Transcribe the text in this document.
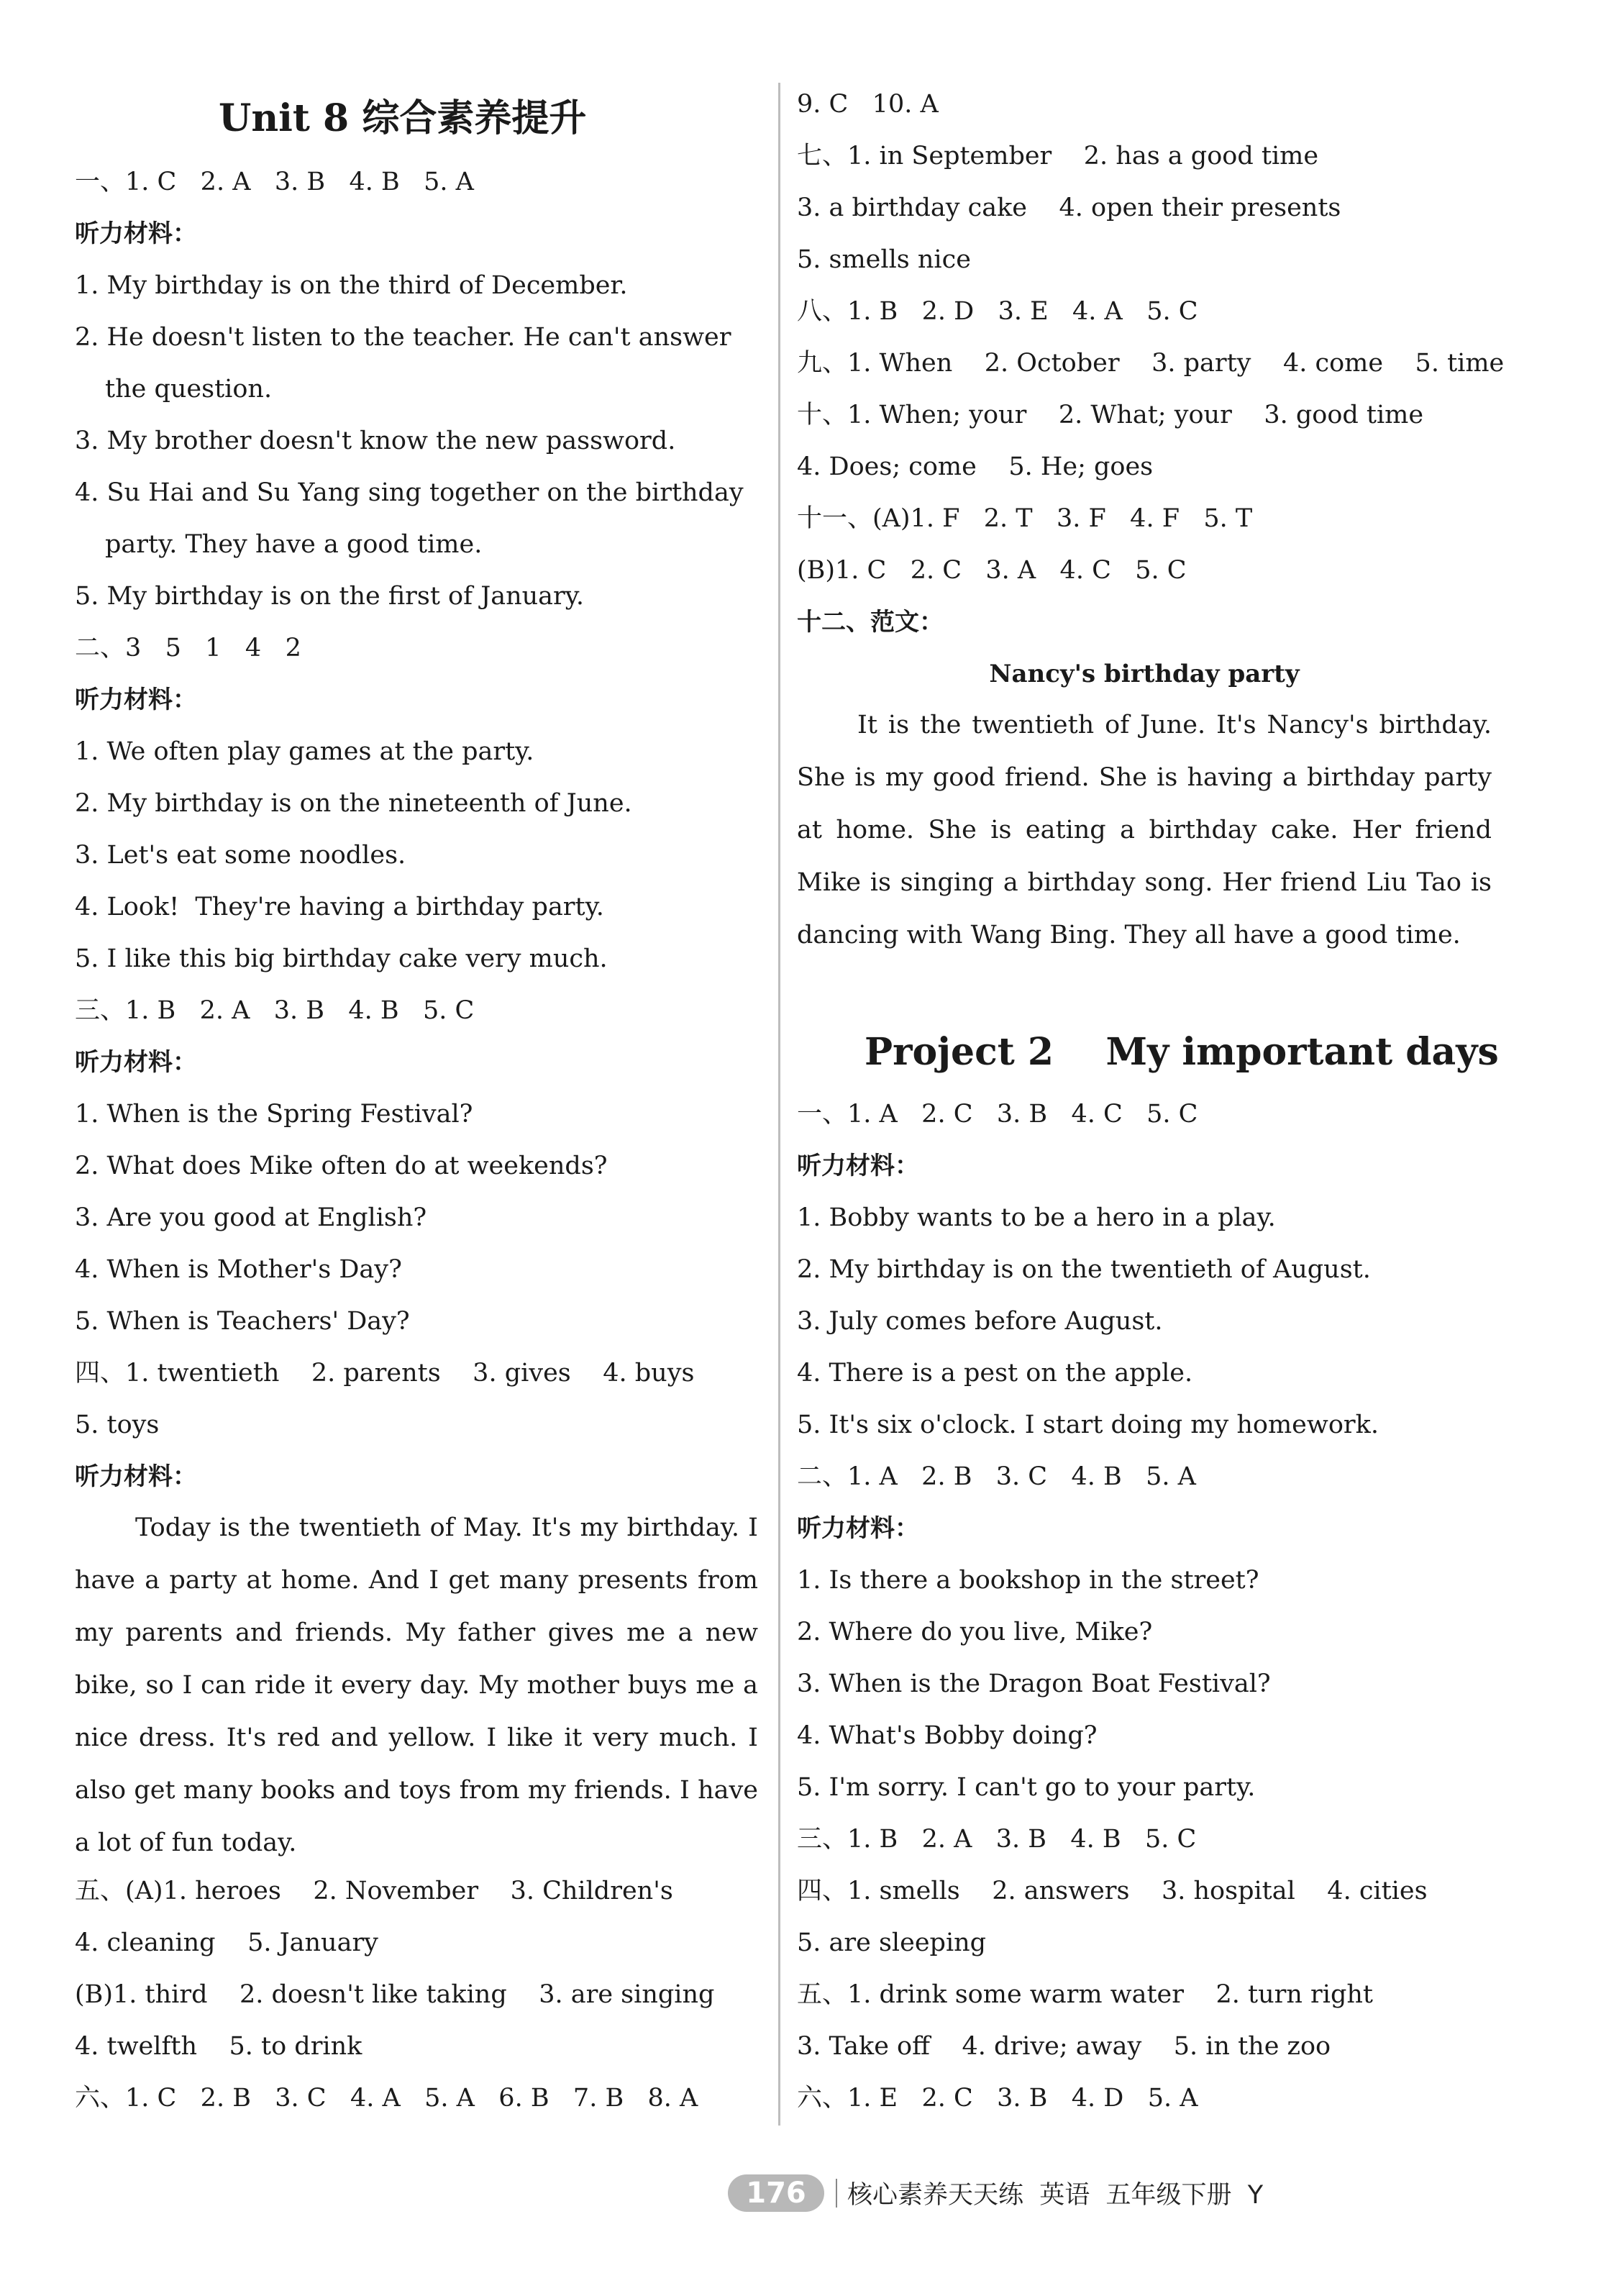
Unit 8 综合素养提升
一、1. C   2. A   3. B   4. B   5. A
听力材料：
1. My birthday is on the third of December.
2. He doesn't listen to the teacher. He can't answer
the question.
3. My brother doesn't know the new password.
4. Su Hai and Su Yang sing together on the birthday
party. They have a good time.
5. My birthday is on the first of January.
二、3   5   1   4   2
听力材料：
1. We often play games at the party.
2. My birthday is on the nineteenth of June.
3. Let's eat some noodles.
4. Look!  They're having a birthday party.
5. I like this big birthday cake very much.
三、1. B   2. A   3. B   4. B   5. C
听力材料：
1. When is the Spring Festival?
2. What does Mike often do at weekends?
3. Are you good at English?
4. When is Mother's Day?
5. When is Teachers' Day?
四、1. twentieth    2. parents    3. gives    4. buys
5. toys
听力材料：
Today is the twentieth of May. It's my birthday. I have a party at home. And I get many presents from my parents and friends. My father gives me a new bike, so I can ride it every day. My mother buys me a nice dress. It's red and yellow. I like it very much. I also get many books and toys from my friends. I have a lot of fun today.
五、(A)1. heroes    2. November    3. Children's
4. cleaning    5. January
(B)1. third    2. doesn't like taking    3. are singing
4. twelfth    5. to drink
六、1. C   2. B   3. C   4. A   5. A   6. B   7. B   8. A
9. C   10. A
七、1. in September    2. has a good time
3. a birthday cake    4. open their presents
5. smells nice
八、1. B   2. D   3. E   4. A   5. C
九、1. When    2. October    3. party    4. come    5. time
十、1. When; your    2. What; your    3. good time
4. Does; come    5. He; goes
十一、(A)1. F   2. T   3. F   4. F   5. T
(B)1. C   2. C   3. A   4. C   5. C
十二、范文：
Nancy's birthday party
It is the twentieth of June. It's Nancy's birthday. She is my good friend. She is having a birthday party at home. She is eating a birthday cake. Her friend Mike is singing a birthday song. Her friend Liu Tao is dancing with Wang Bing. They all have a good time.
Project 2    My important days
一、1. A   2. C   3. B   4. C   5. C
听力材料：
1. Bobby wants to be a hero in a play.
2. My birthday is on the twentieth of August.
3. July comes before August.
4. There is a pest on the apple.
5. It's six o'clock. I start doing my homework.
二、1. A   2. B   3. C   4. B   5. A
听力材料：
1. Is there a bookshop in the street?
2. Where do you live, Mike?
3. When is the Dragon Boat Festival?
4. What's Bobby doing?
5. I'm sorry. I can't go to your party.
三、1. B   2. A   3. B   4. B   5. C
四、1. smells    2. answers    3. hospital    4. cities
5. are sleeping
五、1. drink some warm water    2. turn right
3. Take off    4. drive; away    5. in the zoo
六、1. E   2. C   3. B   4. D   5. A
176	核心素养天天练  英语  五年级下册  Y
